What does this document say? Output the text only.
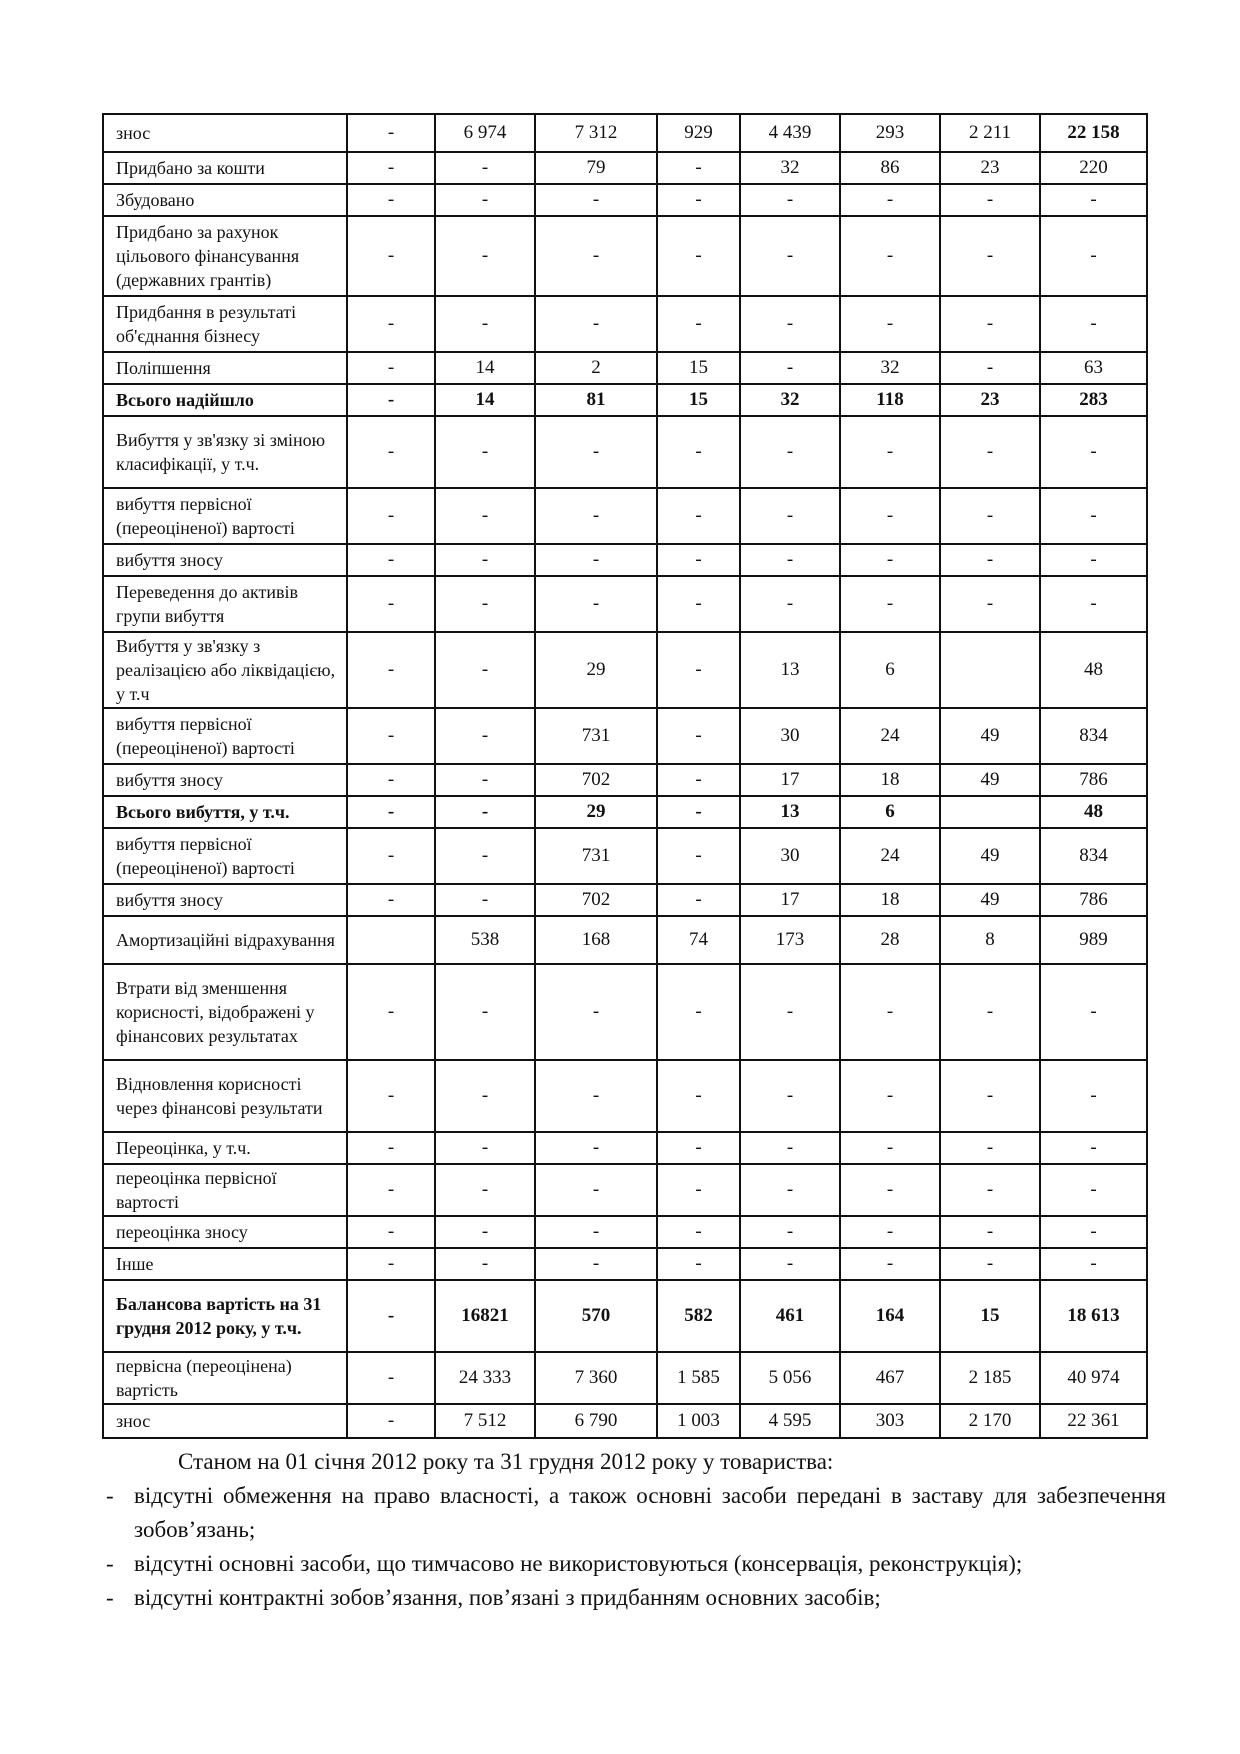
знос	-	6 974	7 312	929	4 439	293	2 211	22 158
Придбано за кошти	-	-	79	-	32	86	23	220
Збудовано	-	-	-	-	-	-	-	-
Придбано за рахунок цільового фінансування (державних грантів)	-	-	-	-	-	-	-	-
Придбання в результаті об'єднання бізнесу	-	-	-	-	-	-	-	-
Поліпшення	-	14	2	15	-	32	-	63
Всього надійшло	-	14	81	15	32	118	23	283
Вибуття у зв'язку зі зміною класифікації, у т.ч.	-	-	-	-	-	-	-	-
вибуття первісної (переоціненої) вартості	-	-	-	-	-	-	-	-
вибуття зносу	-	-	-	-	-	-	-	-
Переведення до активів групи вибуття	-	-	-	-	-	-	-	-
Вибуття у зв'язку з реалізацією або ліквідацією, у т.ч	-	-	29	-	13	6		48
вибуття первісної (переоціненої) вартості	-	-	731	-	30	24	49	834
вибуття зносу	-	-	702	-	17	18	49	786
Всього вибуття, у т.ч.	-	-	29	-	13	6		48
вибуття первісної (переоціненої) вартості	-	-	731	-	30	24	49	834
вибуття зносу	-	-	702	-	17	18	49	786
Амортизаційні відрахування		538	168	74	173	28	8	989
Втрати від зменшення корисності, відображені у фінансових результатах	-	-	-	-	-	-	-	-
Відновлення корисності через фінансові результати	-	-	-	-	-	-	-	-
Переоцінка, у т.ч.	-	-	-	-	-	-	-	-
переоцінка первісної вартості	-	-	-	-	-	-	-	-
переоцінка зносу	-	-	-	-	-	-	-	-
Інше	-	-	-	-	-	-	-	-
Балансова вартість на 31 грудня 2012 року, у т.ч.	-	16821	570	582	461	164	15	18 613
первісна (переоцінена) вартість	-	24 333	7 360	1 585	5 056	467	2 185	40 974
знос	-	7 512	6 790	1 003	4 595	303	2 170	22 361
Станом на 01 січня 2012 року та 31 грудня 2012 року у товариства:
- відсутні обмеження на право власності, а також основні засоби передані в заставу для забезпечення зобов’язань;
- відсутні основні засоби, що тимчасово не використовуються (консервація, реконструкція);
- відсутні контрактні зобов’язання, пов’язані з придбанням основних засобів;
